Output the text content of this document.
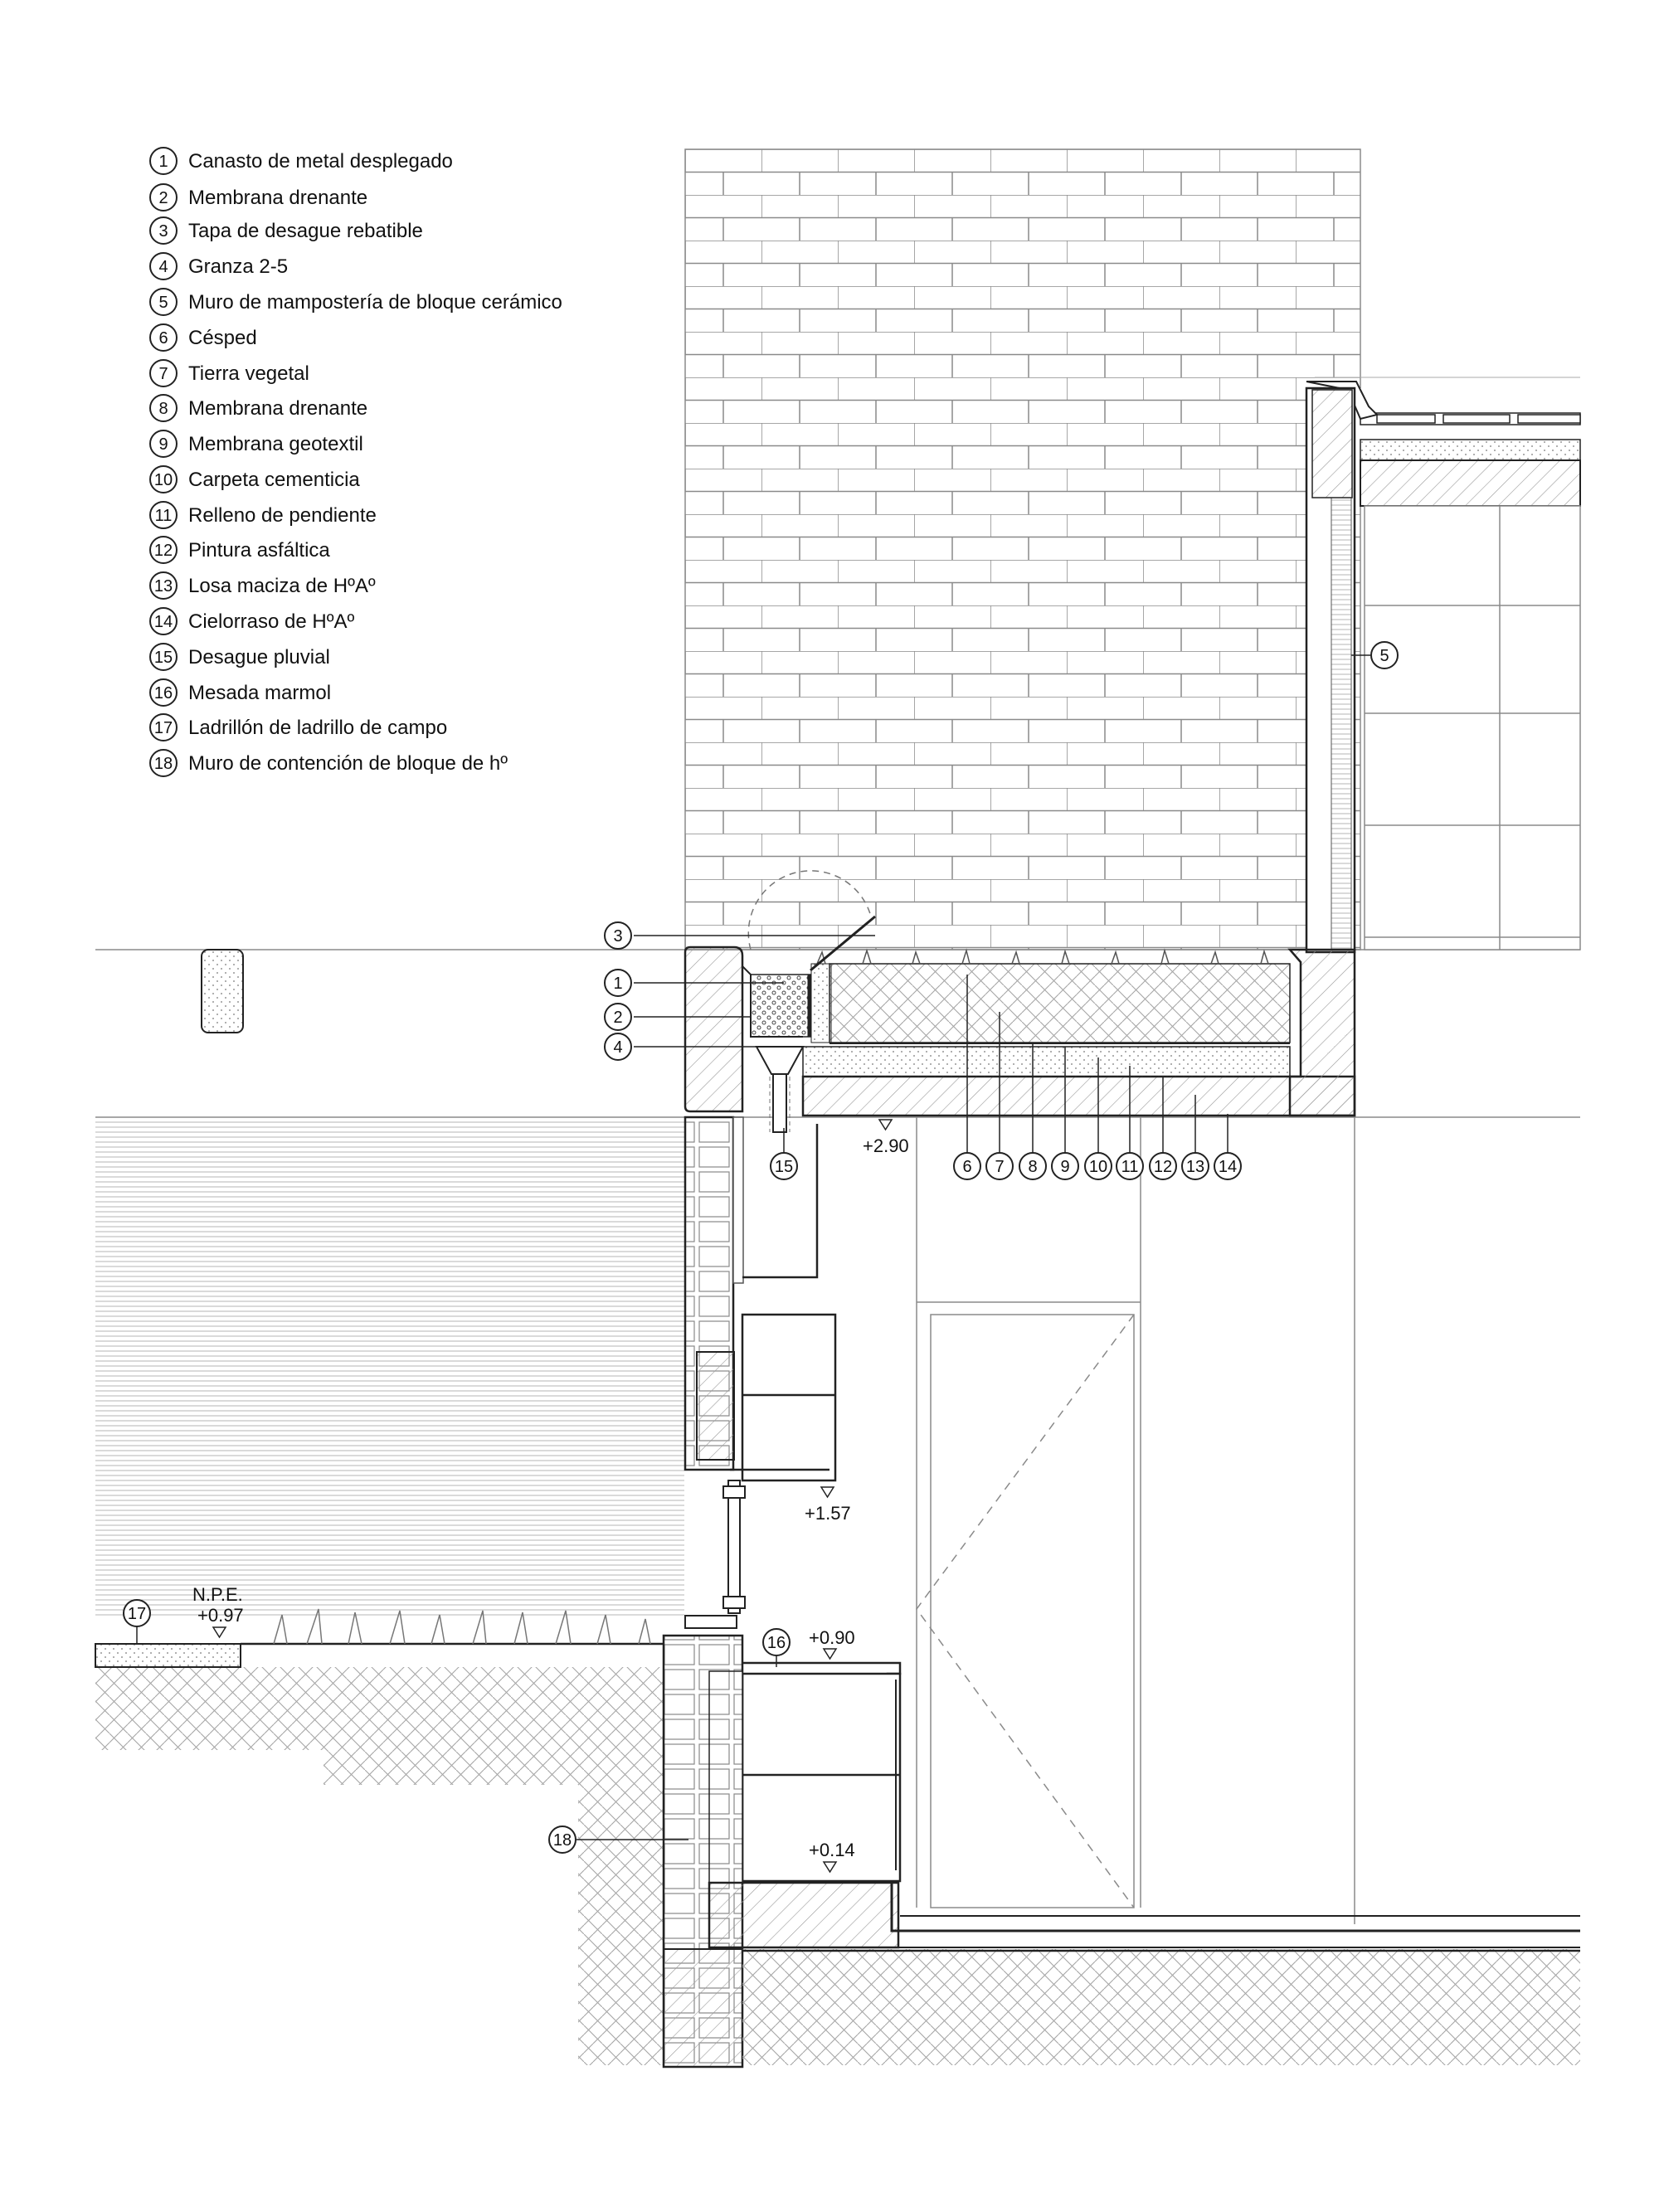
1 Canasto de metal desplegado
2 Membrana drenante
3 Tapa de desague rebatible
4 Granza 2-5
5 Muro de mampostería de bloque cerámico
6 Césped
7 Tierra vegetal
8 Membrana drenante
9 Membrana geotextil
10 Carpeta cementicia
11 Relleno de pendiente
12 Pintura asfáltica
13 Losa maciza de HºAº
14 Cielorraso de HºAº
15 Desague pluvial
16 Mesada marmol
17 Ladrillón de ladrillo de campo
18 Muro de contención de bloque de hº
3
1
2
4
5
15	6 7 8 9 10 11 12 13 14
16
17
18
+2.90
+1.57
+0.90
+0.14
N.P.E.
+0.97
